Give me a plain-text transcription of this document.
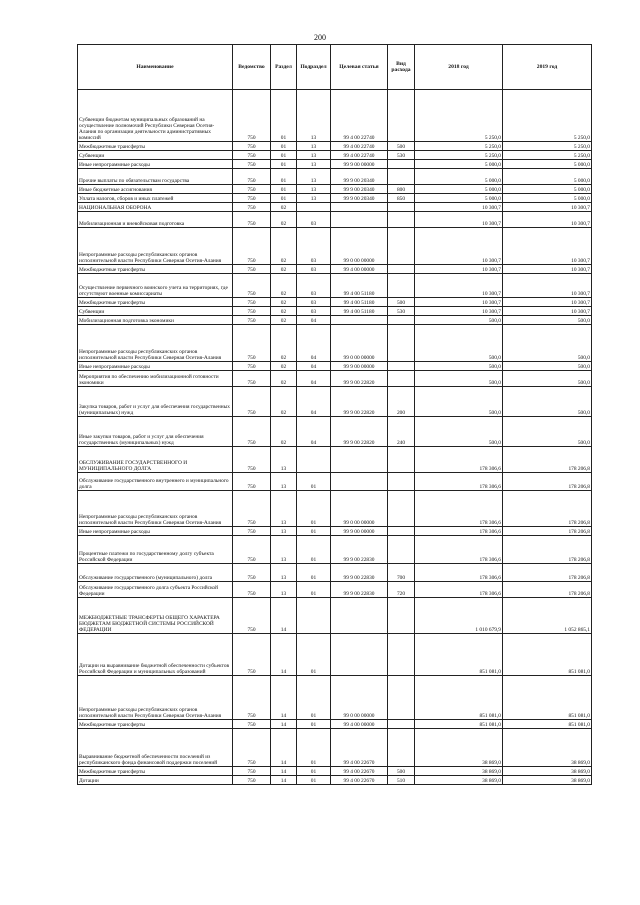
200
Наименование	Ведомство	Раздел	Подраздел	Целевая статья	Вид расхода	2018 год	2019 год
Субвенции бюджетам муниципальных образований на осуществление полномочий Республики Северная Осетия-Алания по организации деятельности административных комиссий	750	01	13	99 4 00 22740		5 250,0	5 250,0
Межбюджетные трансферты	750	01	13	99 4 00 22740	500	5 250,0	5 250,0
Субвенции	750	01	13	99 4 00 22740	530	5 250,0	5 250,0
Иные непрограммные расходы	750	01	13	99 9 00 00000		5 000,0	5 000,0
Прочие выплаты по обязательствам государства	750	01	13	99 9 00 20340		5 000,0	5 000,0
Иные бюджетные ассигнования	750	01	13	99 9 00 20340	800	5 000,0	5 000,0
Уплата налогов, сборов и иных платежей	750	01	13	99 9 00 20340	850	5 000,0	5 000,0
НАЦИОНАЛЬНАЯ ОБОРОНА	750	02				10 300,7	10 300,7
Мобилизационная и вневойсковая подготовка	750	02	03			10 300,7	10 300,7
Непрограммные расходы республиканских органов исполнительной власти Республики Северная Осетия-Алания	750	02	03	99 0 00 00000		10 300,7	10 300,7
Межбюджетные трансферты	750	02	03	99 4 00 00000		10 300,7	10 300,7
Осуществление первичного воинского учета на территориях, где отсутствуют военные комиссариаты	750	02	03	99 4 00 51180		10 300,7	10 300,7
Межбюджетные трансферты	750	02	03	99 4 00 51180	500	10 300,7	10 300,7
Субвенции	750	02	03	99 4 00 51180	530	10 300,7	10 300,7
Мобилизационная подготовка экономики	750	02	04			500,0	500,0
Непрограммные расходы республиканских органов исполнительной власти Республики Северная Осетия-Алания	750	02	04	99 0 00 00000		500,0	500,0
Иные непрограммные расходы	750	02	04	99 9 00 00000		500,0	500,0
Мероприятия по обеспечению мобилизационной готовности экономики	750	02	04	99 9 00 22820		500,0	500,0
Закупка товаров, работ и услуг для обеспечения государственных (муниципальных) нужд	750	02	04	99 9 00 22820	200	500,0	500,0
Иные закупки товаров, работ и услуг для обеспечения государственных (муниципальных) нужд	750	02	04	99 9 00 22820	240	500,0	500,0
ОБСЛУЖИВАНИЕ ГОСУДАРСТВЕННОГО И МУНИЦИПАЛЬНОГО ДОЛГА	750	13				178 306,6	178 206,8
Обслуживание государственного внутреннего и муниципального долга	750	13	01			178 306,6	178 206,8
Непрограммные расходы республиканских органов исполнительной власти Республики Северная Осетия-Алания	750	13	01	99 0 00 00000		178 306,6	178 206,8
Иные непрограммные расходы	750	13	01	99 9 00 00000		178 306,6	178 206,8
Процентные платежи по государственному долгу субъекта Российской Федерации	750	13	01	99 9 00 22830		178 306,6	178 206,8
Обслуживание государственного (муниципального) долга	750	13	01	99 9 00 22830	700	178 306,6	178 206,8
Обслуживание государственного долга субъекта Российской Федерации	750	13	01	99 9 00 22830	720	178 306,6	178 206,8
МЕЖБЮДЖЕТНЫЕ ТРАНСФЕРТЫ ОБЩЕГО ХАРАКТЕРА БЮДЖЕТАМ БЮДЖЕТНОЙ СИСТЕМЫ РОССИЙСКОЙ ФЕДЕРАЦИИ	750	14				1 010 679,9	1 052 865,1
Дотации на выравнивание бюджетной обеспеченности субъектов Российской Федерации и муниципальных образований	750	14	01			851 081,0	851 081,0
Непрограммные расходы республиканских органов исполнительной власти Республики Северная Осетия-Алания	750	14	01	99 0 00 00000		851 081,0	851 081,0
Межбюджетные трансферты	750	14	01	99 4 00 00000		851 081,0	851 081,0
Выравнивание бюджетной обеспеченности поселений из республиканского фонда финансовой поддержки поселений	750	14	01	99 4 00 22670		38 869,0	38 869,0
Межбюджетные трансферты	750	14	01	99 4 00 22670	500	38 869,0	38 869,0
Дотации	750	14	01	99 4 00 22670	510	38 869,0	38 869,0
